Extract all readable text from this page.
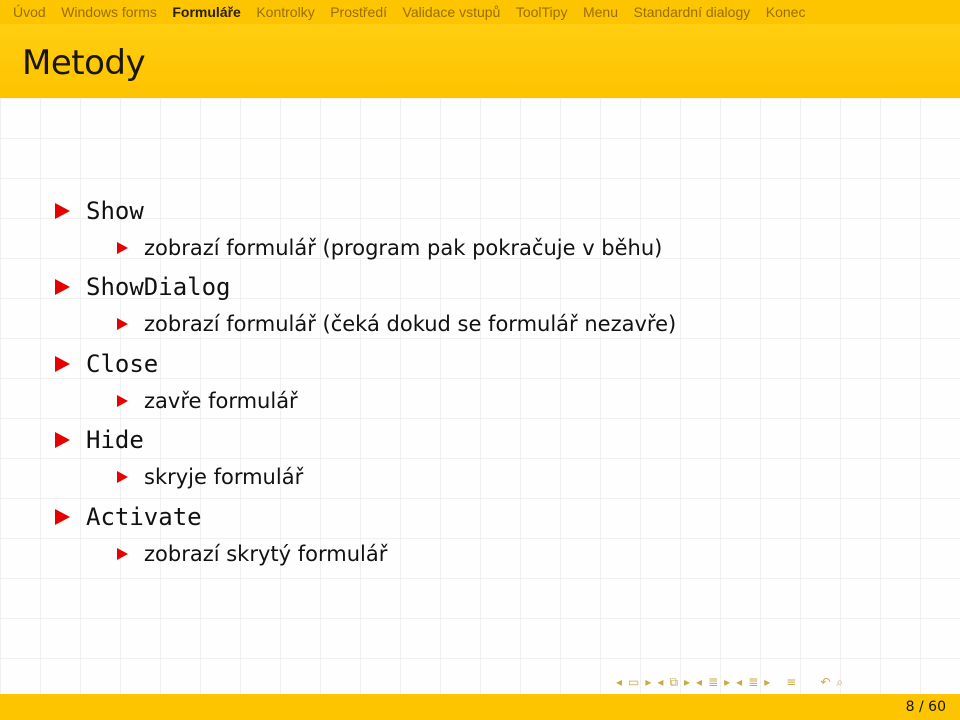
Úvod Windows forms Formuláře Kontrolky Prostředí Validace vstupů ToolTipy Menu Standardní dialogy Konec
Metody
Show
zobrazí formulář (program pak pokračuje v běhu)
ShowDialog
zobrazí formulář (čeká dokud se formulář nezavře)
Close
zavře formulář
Hide
skryje formulář
Activate
zobrazí skrytý formulář
◂ ▭ ▸ ◂ ⧉ ▸ ◂ ≣ ▸ ◂ ≣ ▸ ≡ ↶ ⌕
8 / 60
